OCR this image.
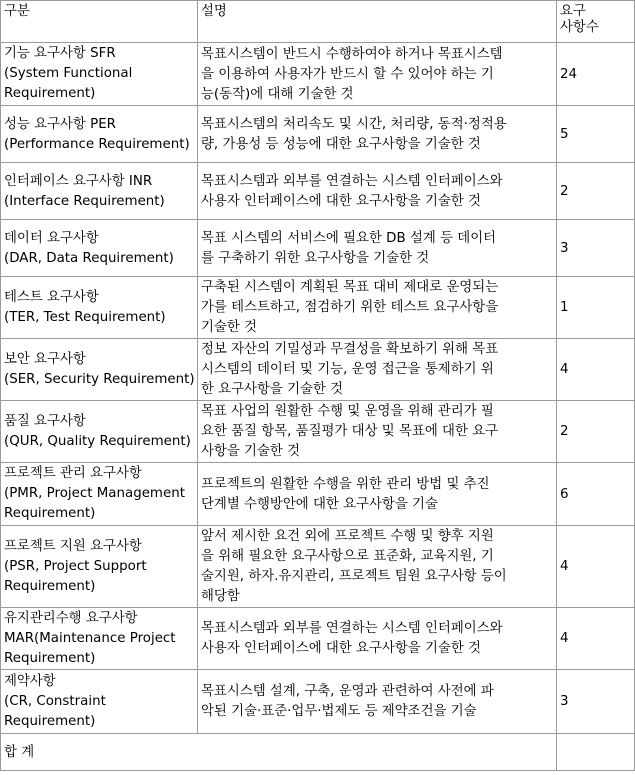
구분	설명	요구
사항수

기능 요구사항 SFR
(System Functional
Requirement)	목표시스템이 반드시 수행하여야 하거나 목표시스템
을 이용하여 사용자가 반드시 할 수 있어야 하는 기
능(동작)에 대해 기술한 것	24

성능 요구사항 PER
(Performance Requirement)	목표시스템의 처리속도 및 시간, 처리량, 동적·정적용
량, 가용성 등 성능에 대한 요구사항을 기술한 것	5

인터페이스 요구사항 INR
(Interface Requirement)	목표시스템과 외부를 연결하는 시스템 인터페이스와
사용자 인터페이스에 대한 요구사항을 기술한 것	2

데이터 요구사항
(DAR, Data Requirement)	목표 시스템의 서비스에 필요한 DB 설계 등 데이터
를 구축하기 위한 요구사항을 기술한 것	3

테스트 요구사항
(TER, Test Requirement)	구축된 시스템이 계획된 목표 대비 제대로 운영되는
가를 테스트하고, 점검하기 위한 테스트 요구사항을
기술한 것	1

보안 요구사항
(SER, Security Requirement)	정보 자산의 기밀성과 무결성을 확보하기 위해 목표
시스템의 데이터 및 기능, 운영 접근을 통제하기 위
한 요구사항을 기술한 것	4

품질 요구사항
(QUR, Quality Requirement)	목표 사업의 원활한 수행 및 운영을 위해 관리가 필
요한 품질 항목, 품질평가 대상 및 목표에 대한 요구
사항을 기술한 것	2

프로젝트 관리 요구사항
(PMR, Project Management
Requirement)	프로젝트의 원활한 수행을 위한 관리 방법 및 추진
단계별 수행방안에 대한 요구사항을 기술	6

프로젝트 지원 요구사항
(PSR, Project Support
Requirement)	앞서 제시한 요건 외에 프로젝트 수행 및 향후 지원
을 위해 필요한 요구사항으로 표준화, 교육지원, 기
술지원, 하자.유지관리, 프로젝트 팀원 요구사항 등이
해당함	4

유지관리수행 요구사항
MAR(Maintenance Project
Requirement)	목표시스템과 외부를 연결하는 시스템 인터페이스와
사용자 인터페이스에 대한 요구사항을 기술한 것	4

제약사항
(CR, Constraint
Requirement)	목표시스템 설계, 구축, 운영과 관련하여 사전에 파
악된 기술·표준·업무·법제도 등 제약조건을 기술	3
합 계		
